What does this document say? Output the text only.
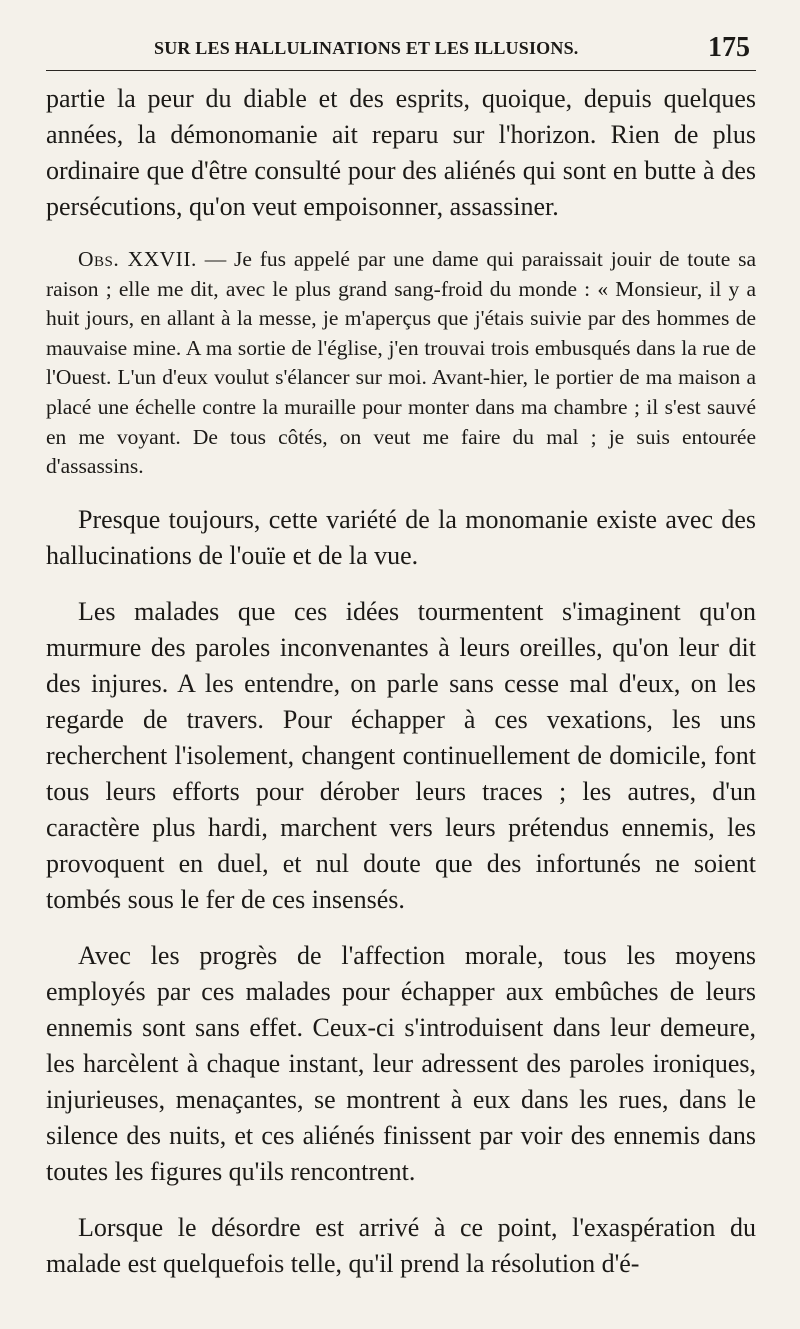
SUR LES HALLULINATIONS ET LES ILLUSIONS.	175

partie la peur du diable et des esprits, quoique, depuis quelques années, la démonomanie ait reparu sur l'horizon. Rien de plus ordinaire que d'être consulté pour des aliénés qui sont en butte à des persécutions, qu'on veut empoisonner, assassiner.

Obs. XXVII. — Je fus appelé par une dame qui paraissait jouir de toute sa raison ; elle me dit, avec le plus grand sang-froid du monde : « Monsieur, il y a huit jours, en allant à la messe, je m'aperçus que j'étais suivie par des hommes de mauvaise mine. A ma sortie de l'église, j'en trouvai trois embusqués dans la rue de l'Ouest. L'un d'eux voulut s'élancer sur moi. Avant-hier, le portier de ma maison a placé une échelle contre la muraille pour monter dans ma chambre ; il s'est sauvé en me voyant. De tous côtés, on veut me faire du mal ; je suis entourée d'assassins.

Presque toujours, cette variété de la monomanie existe avec des hallucinations de l'ouïe et de la vue.

Les malades que ces idées tourmentent s'imaginent qu'on murmure des paroles inconvenantes à leurs oreilles, qu'on leur dit des injures. A les entendre, on parle sans cesse mal d'eux, on les regarde de travers. Pour échapper à ces vexations, les uns recherchent l'isolement, changent continuellement de domicile, font tous leurs efforts pour dérober leurs traces ; les autres, d'un caractère plus hardi, marchent vers leurs prétendus ennemis, les provoquent en duel, et nul doute que des infortunés ne soient tombés sous le fer de ces insensés.

Avec les progrès de l'affection morale, tous les moyens employés par ces malades pour échapper aux embûches de leurs ennemis sont sans effet. Ceux-ci s'introduisent dans leur demeure, les harcèlent à chaque instant, leur adressent des paroles ironiques, injurieuses, menaçantes, se montrent à eux dans les rues, dans le silence des nuits, et ces aliénés finissent par voir des ennemis dans toutes les figures qu'ils rencontrent.

Lorsque le désordre est arrivé à ce point, l'exaspération du malade est quelquefois telle, qu'il prend la résolution d'é-
